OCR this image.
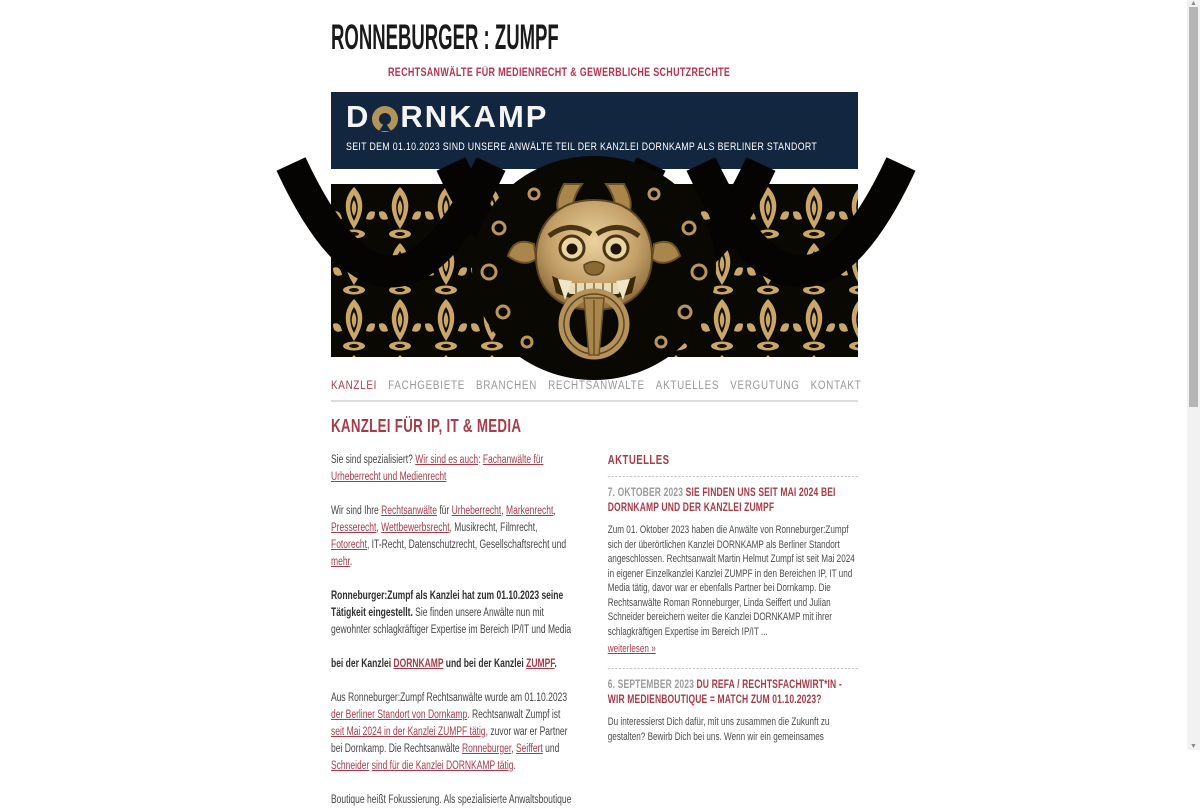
RONNEBURGER : ZUMPF
RECHTSANWÄLTE FÜR MEDIENRECHT & GEWERBLICHE SCHUTZRECHTE
D RNKAMP
SEIT DEM 01.10.2023 SIND UNSERE ANWÄLTE TEIL DER KANZLEI DORNKAMP ALS BERLINER STANDORT
KANZLEI FACHGEBIETE BRANCHEN RECHTSANWÄLTE AKTUELLES VERGÜTUNG KONTAKT
KANZLEI FÜR IP, IT & MEDIA

Sie sind spezialisiert? Wir sind es auch: Fachanwälte für Urheberrecht und Medienrecht

Wir sind Ihre Rechtsanwälte für Urheberrecht, Markenrecht, Presserecht, Wettbewerbsrecht, Musikrecht, Filmrecht, Fotorecht, IT-Recht, Datenschutzrecht, Gesellschaftsrecht und mehr.

Ronneburger:Zumpf als Kanzlei hat zum 01.10.2023 seine Tätigkeit eingestellt. Sie finden unsere Anwälte nun mit gewohnter schlagkräftiger Expertise im Bereich IP/IT und Media

bei der Kanzlei DORNKAMP und bei der Kanzlei ZUMPF.

Aus Ronneburger:Zumpf Rechtsanwälte wurde am 01.10.2023 der Berliner Standort von Dornkamp. Rechtsanwalt Zumpf ist seit Mai 2024 in der Kanzlei ZUMPF tätig, zuvor war er Partner bei Dornkamp. Die Rechtsanwälte Ronneburger, Seiffert und Schneider sind für die Kanzlei DORNKAMP tätig.

Boutique heißt Fokussierung. Als spezialisierte Anwaltsboutique

AKTUELLES
7. OKTOBER 2023 SIE FINDEN UNS SEIT MAI 2024 BEI DORNKAMP UND DER KANZLEI ZUMPF
Zum 01. Oktober 2023 haben die Anwälte von Ronneburger:Zumpf sich der überörtlichen Kanzlei DORNKAMP als Berliner Standort
angeschlossen. Rechtsanwalt Martin Helmut Zumpf ist seit Mai 2024 in eigener Einzelkanzlei Kanzlei ZUMPF in den Bereichen IP, IT und Media tätig, davor war er ebenfalls Partner bei Dornkamp. Die Rechtsanwälte Roman Ronneburger, Linda Seiffert und Julian Schneider bereichern weiter die Kanzlei DORNKAMP mit ihrer schlagkräftigen Expertise im Bereich IP/IT ...
weiterlesen »
6. SEPTEMBER 2023 DU REFA / RECHTSFACHWIRT*IN - WIR MEDIENBOUTIQUE = MATCH ZUM 01.10.2023?
Du interessierst Dich dafür, mit uns zusammen die Zukunft zu gestalten? Bewirb Dich bei uns. Wenn wir ein gemeinsames
▲
▼
